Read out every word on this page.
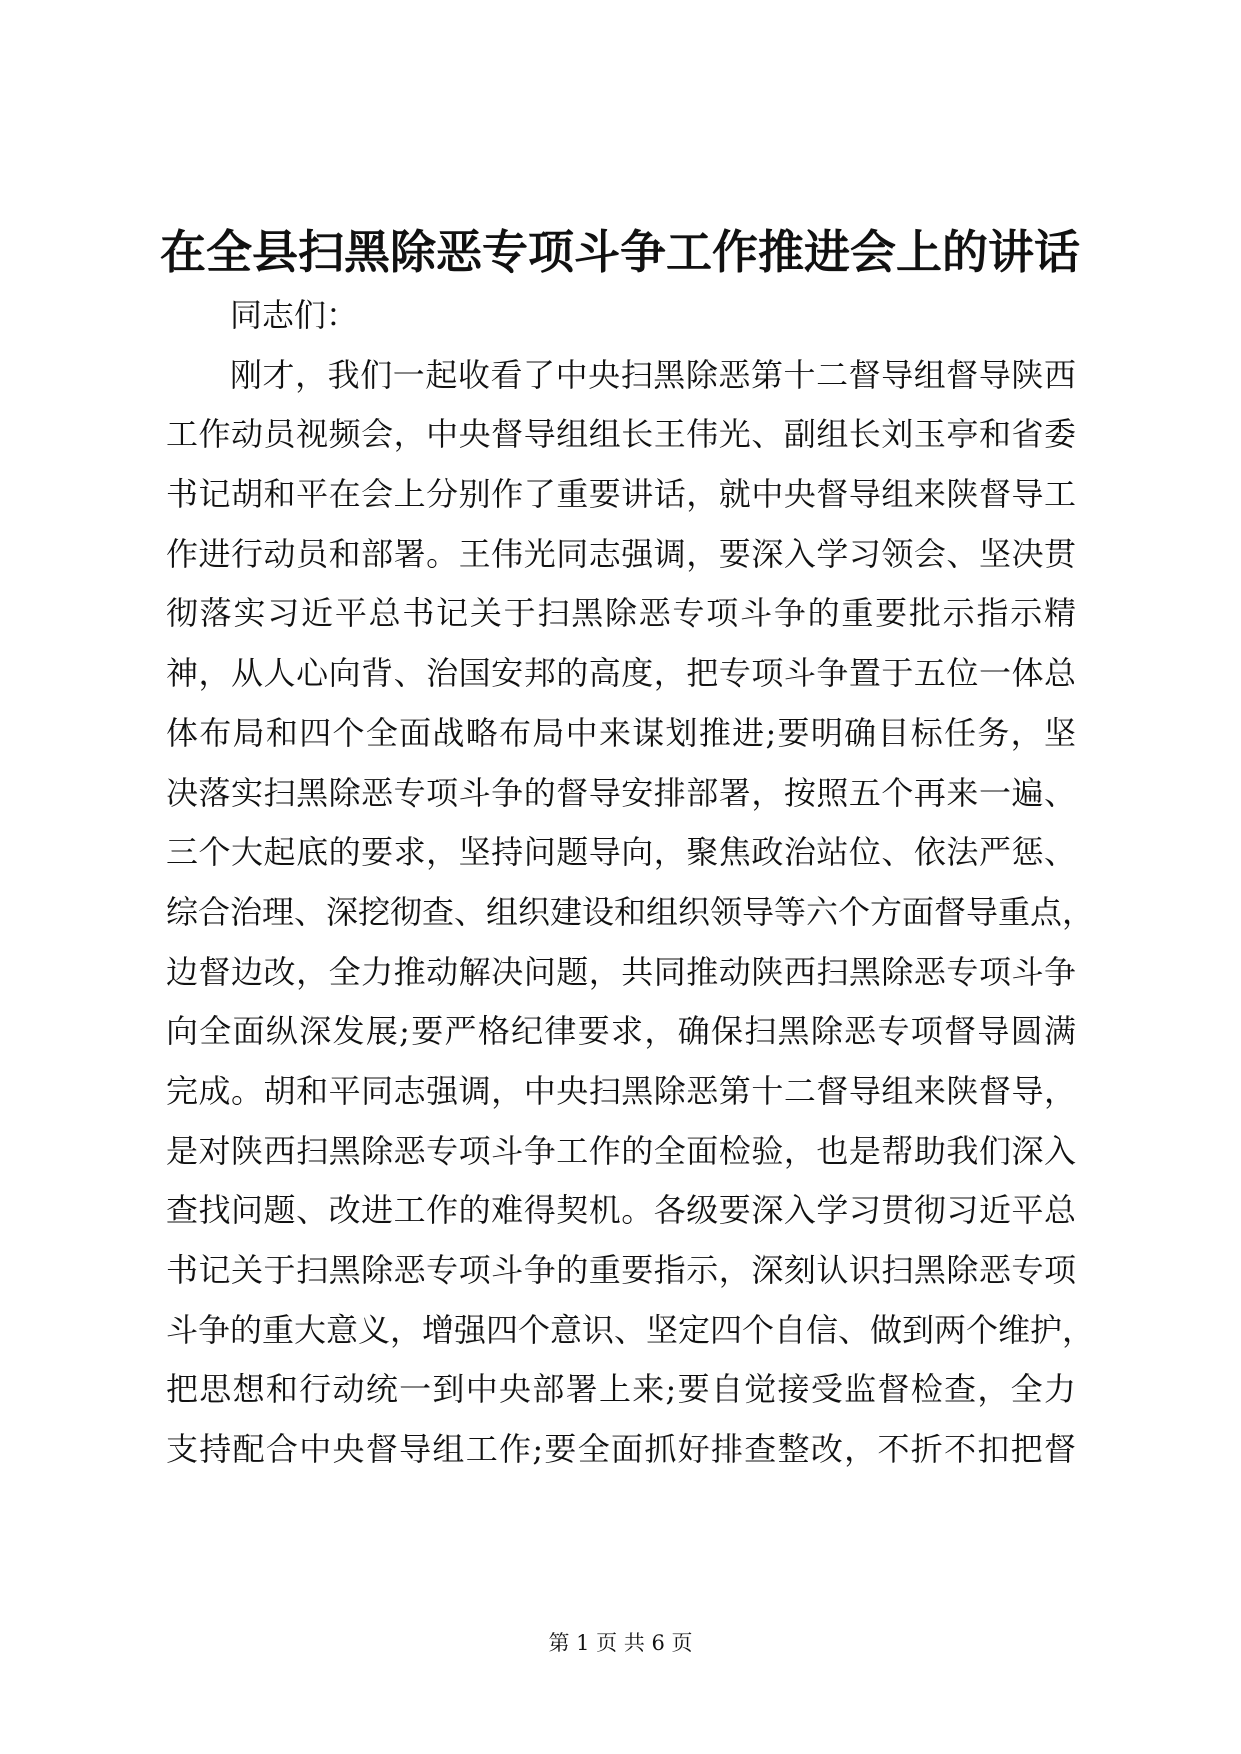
在全县扫黑除恶专项斗争工作推进会上的讲话
同志们：
刚才，我们一起收看了中央扫黑除恶第十二督导组督导陕西
工作动员视频会，中央督导组组长王伟光、副组长刘玉亭和省委
书记胡和平在会上分别作了重要讲话，就中央督导组来陕督导工
作进行动员和部署。王伟光同志强调，要深入学习领会、坚决贯
彻落实习近平总书记关于扫黑除恶专项斗争的重要批示指示精
神，从人心向背、治国安邦的高度，把专项斗争置于五位一体总
体布局和四个全面战略布局中来谋划推进;要明确目标任务，坚
决落实扫黑除恶专项斗争的督导安排部署，按照五个再来一遍、
三个大起底的要求，坚持问题导向，聚焦政治站位、依法严惩、
综合治理、深挖彻查、组织建设和组织领导等六个方面督导重点，
边督边改，全力推动解决问题，共同推动陕西扫黑除恶专项斗争
向全面纵深发展;要严格纪律要求，确保扫黑除恶专项督导圆满
完成。胡和平同志强调，中央扫黑除恶第十二督导组来陕督导，
是对陕西扫黑除恶专项斗争工作的全面检验，也是帮助我们深入
查找问题、改进工作的难得契机。各级要深入学习贯彻习近平总
书记关于扫黑除恶专项斗争的重要指示，深刻认识扫黑除恶专项
斗争的重大意义，增强四个意识、坚定四个自信、做到两个维护，
把思想和行动统一到中央部署上来;要自觉接受监督检查，全力
支持配合中央督导组工作;要全面抓好排查整改，不折不扣把督
第 1 页 共 6 页
